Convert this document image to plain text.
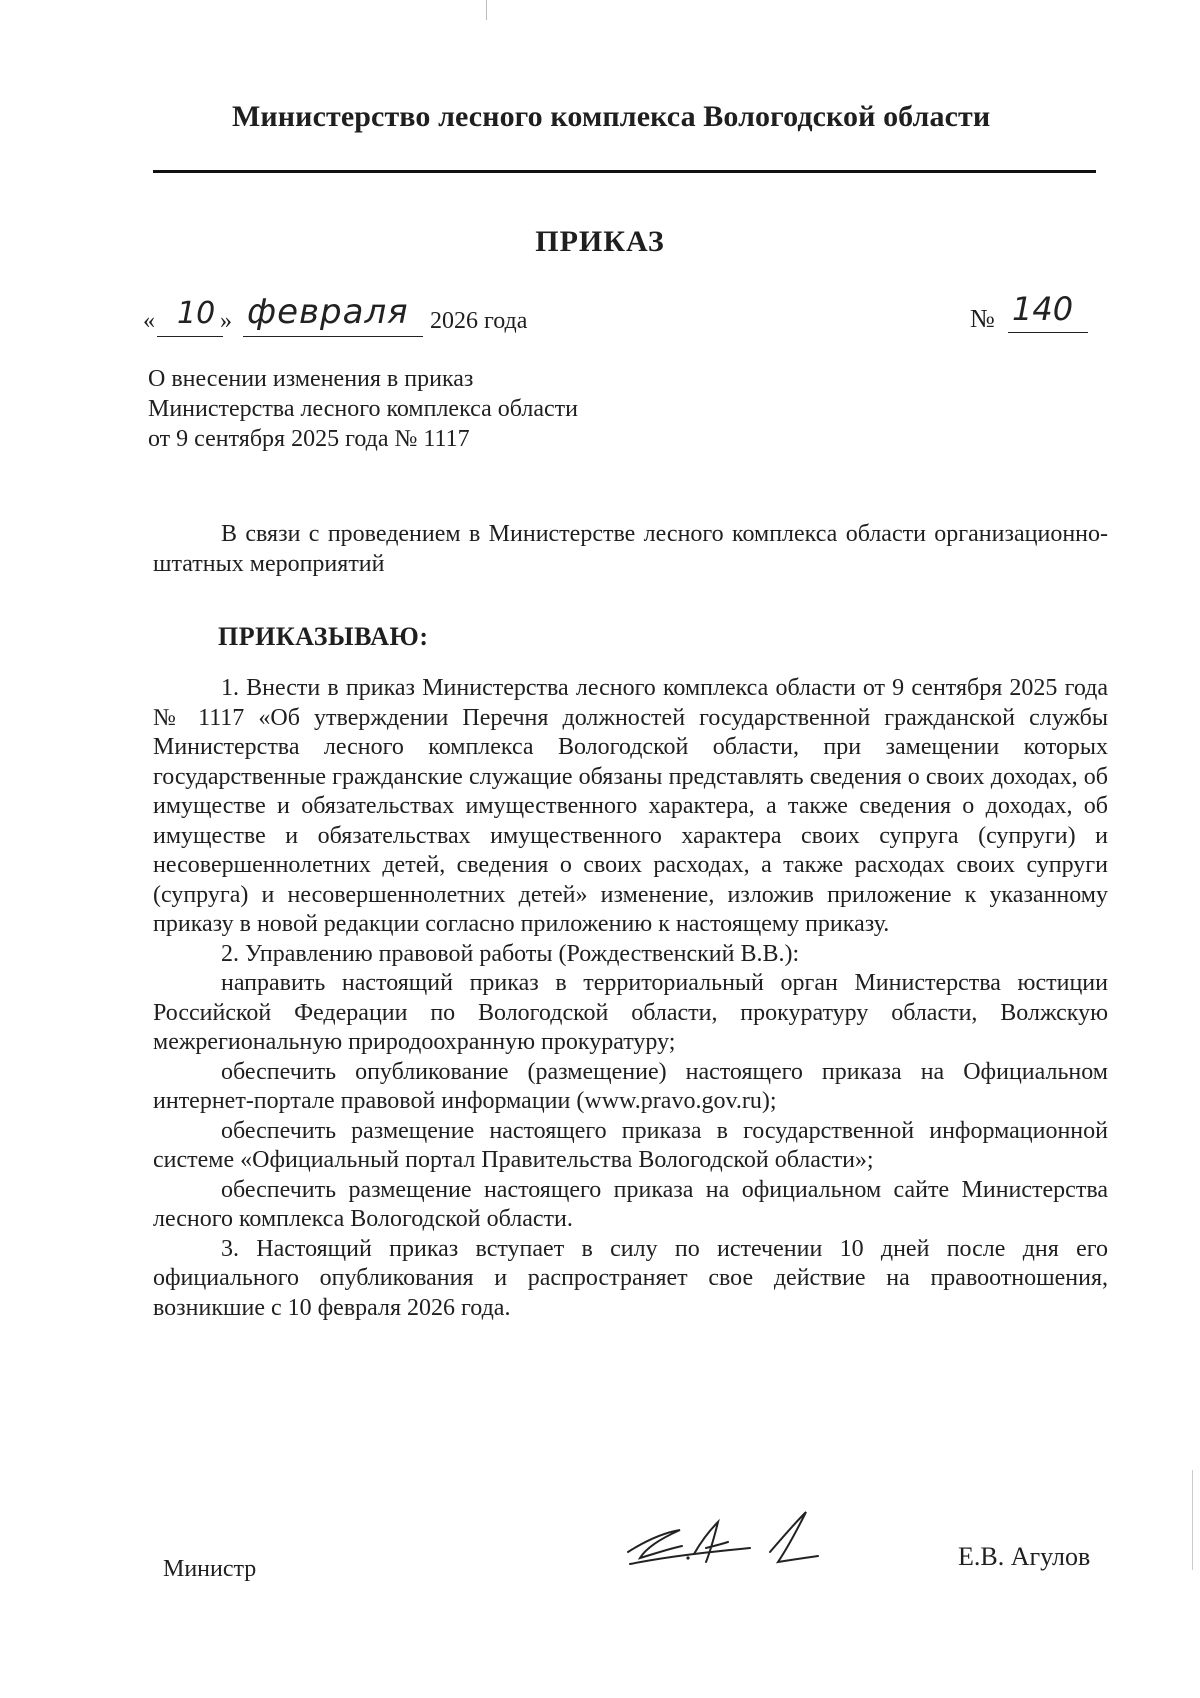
Министерство лесного комплекса Вологодской области
ПРИКАЗ
« 10 » февраля 2026 года	№ 140
О внесении изменения в приказ
Министерства лесного комплекса области
от 9 сентября 2025 года № 1117

В связи с проведением в Министерстве лесного комплекса области организационно-штатных мероприятий

ПРИКАЗЫВАЮ:

1. Внести в приказ Министерства лесного комплекса области от 9 сентября 2025 года № 1117 «Об утверждении Перечня должностей государственной гражданской службы Министерства лесного комплекса Вологодской области, при замещении которых государственные гражданские служащие обязаны представлять сведения о своих доходах, об имуществе и обязательствах имущественного характера, а также сведения о доходах, об имуществе и обязательствах имущественного характера своих супруга (супруги) и несовершеннолетних детей, сведения о своих расходах, а также расходах своих супруги (супруга) и несовершеннолетних детей» изменение, изложив приложение к указанному приказу в новой редакции согласно приложению к настоящему приказу.

2. Управлению правовой работы (Рождественский В.В.):

направить настоящий приказ в территориальный орган Министерства юстиции Российской Федерации по Вологодской области, прокуратуру области, Волжскую межрегиональную природоохранную прокуратуру;

обеспечить опубликование (размещение) настоящего приказа на Официальном интернет-портале правовой информации (www.pravo.gov.ru);

обеспечить размещение настоящего приказа в государственной информационной системе «Официальный портал Правительства Вологодской области»;

обеспечить размещение настоящего приказа на официальном сайте Министерства лесного комплекса Вологодской области.

3. Настоящий приказ вступает в силу по истечении 10 дней после дня его официального опубликования и распространяет свое действие на правоотношения, возникшие с 10 февраля 2026 года.

Министр	Е.В. Агулов
